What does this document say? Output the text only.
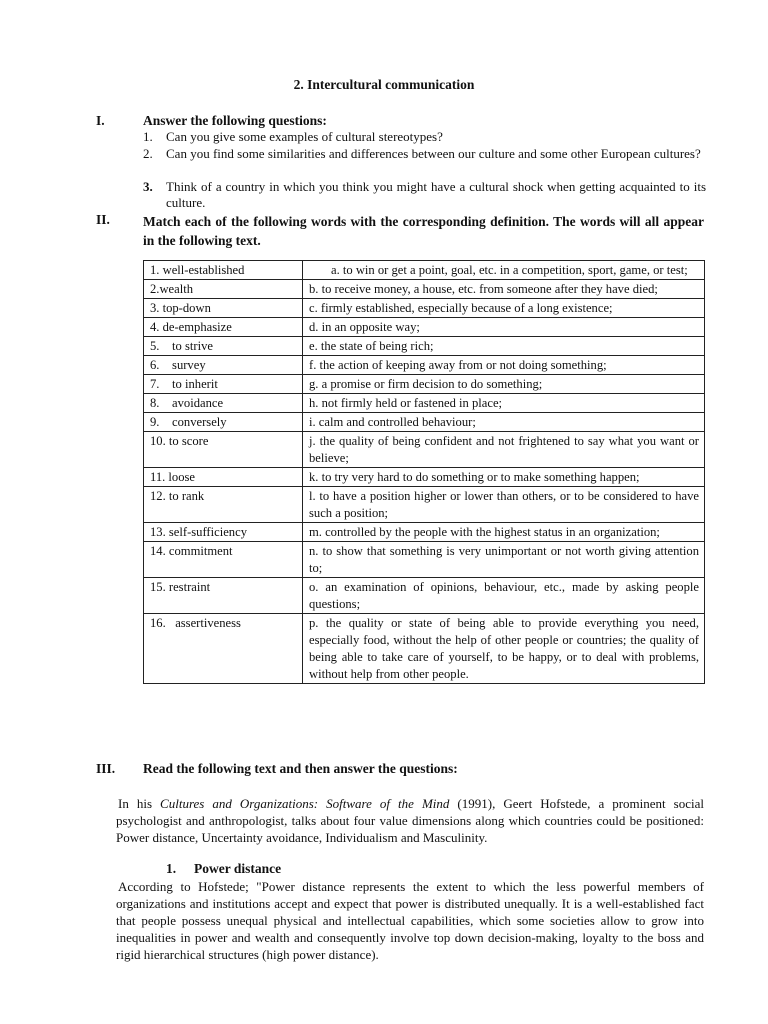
2. Intercultural communication
I.	Answer the following questions:
1.	Can you give some examples of cultural stereotypes?
2.	Can you find some similarities and differences between our culture and some other European cultures?
3.	Think of a country in which you think you might have a cultural shock when getting acquainted to its culture.
II. Match each of the following words with the corresponding definition. The words will all appear in the following text.
1. well-established	a. to win or get a point, goal, etc. in a competition, sport, game, or test;
2.wealth	b. to receive money, a house, etc. from someone after they have died;
3. top-down	c. firmly established, especially because of a long existence;
4. de-emphasize	d. in an opposite way;
5.    to strive	e. the state of being rich;
6.    survey	f. the action of keeping away from or not doing something;
7.    to inherit	g. a promise or firm decision to do something;
8.    avoidance	h. not firmly held or fastened in place;
9.    conversely	i. calm and controlled behaviour;
10. to score	j. the quality of being confident and not frightened to say what you want or believe;
11. loose	k. to try very hard to do something or to make something happen;
12. to rank	l. to have a position higher or lower than others, or to be considered to have such a position;
13. self-sufficiency	m. controlled by the people with the highest status in an organization;
14. commitment	n. to show that something is very unimportant or not worth giving attention to;
15. restraint	o. an examination of opinions, behaviour, etc., made by asking people questions;
16.   assertiveness	p. the quality or state of being able to provide everything you need, especially food, without the help of other people or countries; the quality of being able to take care of yourself, to be happy, or to deal with problems, without help from other people.
III. Read the following text and then answer the questions:
In his Cultures and Organizations: Software of the Mind (1991), Geert Hofstede, a prominent social psychologist and anthropologist, talks about four value dimensions along which countries could be positioned: Power distance, Uncertainty avoidance, Individualism and Masculinity.
1. Power distance
According to Hofstede; "Power distance represents the extent to which the less powerful members of organizations and institutions accept and expect that power is distributed unequally. It is a well-established fact that people possess unequal physical and intellectual capabilities, which some societies allow to grow into inequalities in power and wealth and consequently involve top down decision-making, loyalty to the boss and rigid hierarchical structures (high power distance).
